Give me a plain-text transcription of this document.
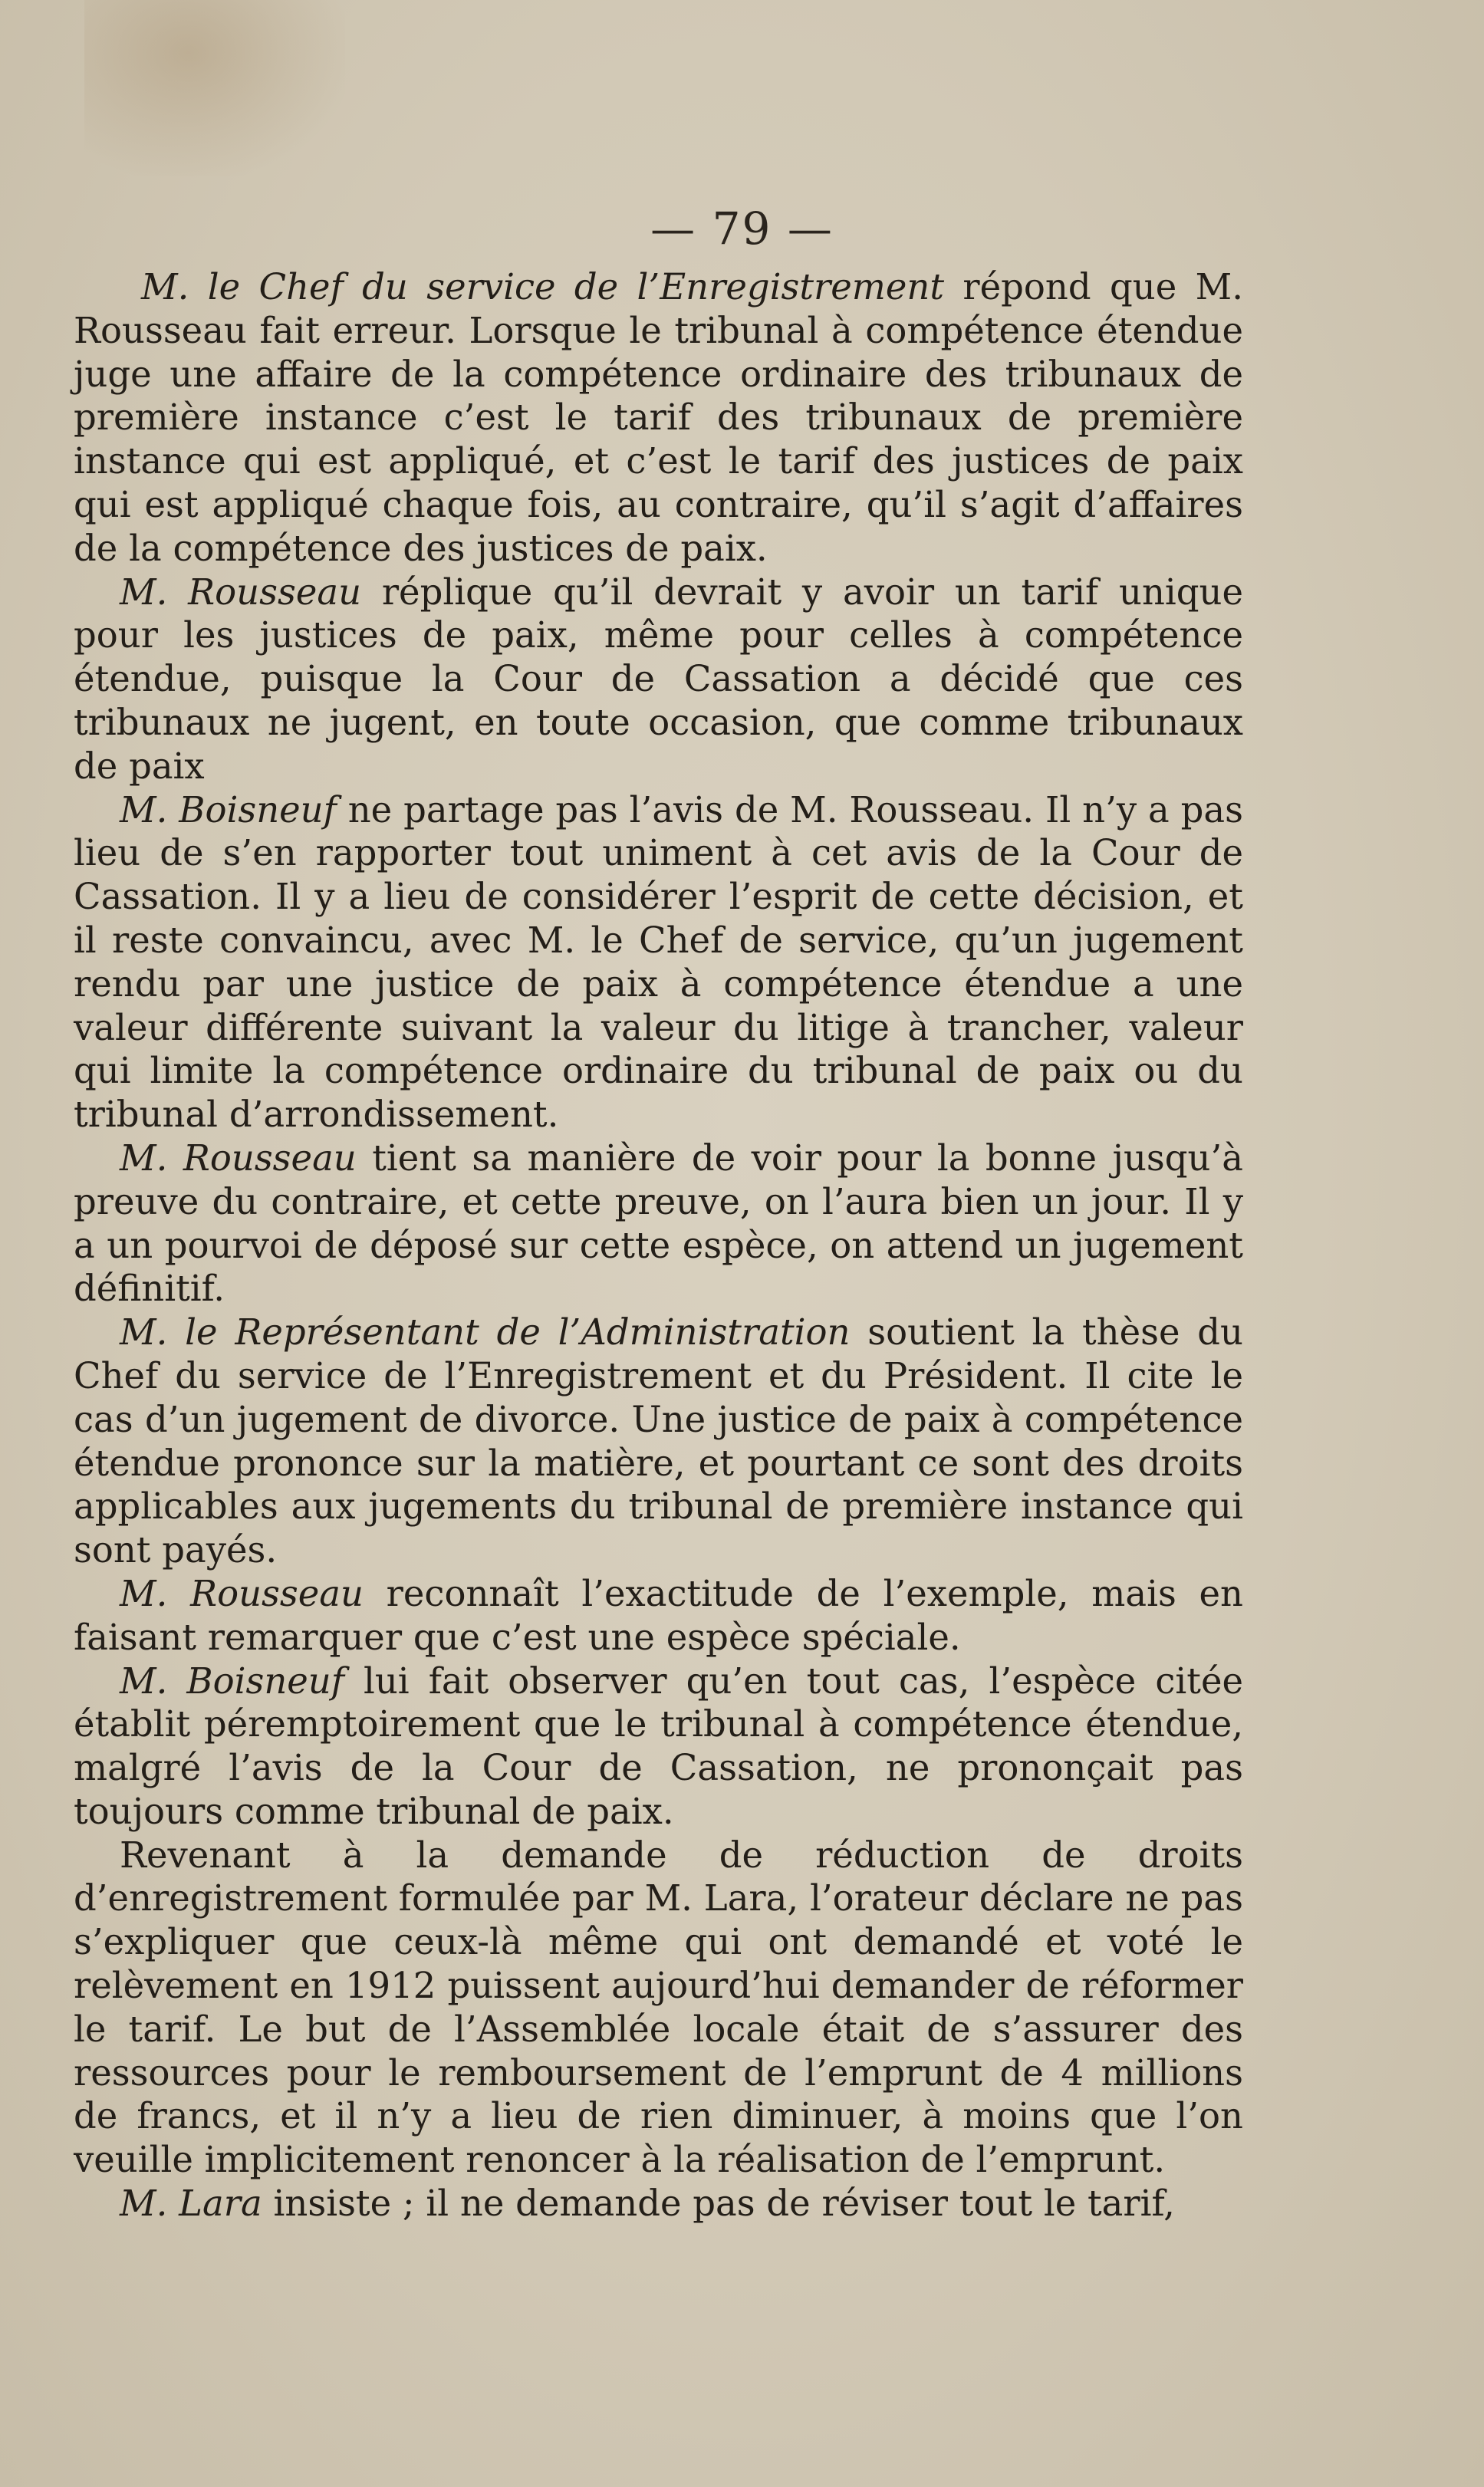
— 79 —

M. le Chef du service de l’Enregistrement répond que M. Rousseau fait erreur. Lorsque le tribunal à compétence étendue juge une affaire de la compétence ordinaire des tribunaux de première instance c’est le tarif des tribunaux de première instance qui est appliqué, et c’est le tarif des justices de paix qui est appliqué chaque fois, au contraire, qu’il s’agit d’affaires de la compétence des justices de paix.

M. Rousseau réplique qu’il devrait y avoir un tarif unique pour les justices de paix, même pour celles à compétence étendue, puisque la Cour de Cassation a décidé que ces tribunaux ne jugent, en toute occasion, que comme tribunaux de paix

M. Boisneuf ne partage pas l’avis de M. Rousseau. Il n’y a pas lieu de s’en rapporter tout uniment à cet avis de la Cour de Cassation. Il y a lieu de considérer l’esprit de cette décision, et il reste convaincu, avec M. le Chef de service, qu’un jugement rendu par une justice de paix à compétence étendue a une valeur différente suivant la valeur du litige à trancher, valeur qui limite la compétence ordinaire du tribunal de paix ou du tribunal d’arrondissement.

M. Rousseau tient sa manière de voir pour la bonne jusqu’à preuve du contraire, et cette preuve, on l’aura bien un jour. Il y a un pourvoi de déposé sur cette espèce, on attend un jugement définitif.

M. le Représentant de l’Administration soutient la thèse du Chef du service de l’Enregistrement et du Président. Il cite le cas d’un jugement de divorce. Une justice de paix à compétence étendue prononce sur la matière, et pourtant ce sont des droits applicables aux jugements du tribunal de première instance qui sont payés.

M. Rousseau reconnaît l’exactitude de l’exemple, mais en faisant remarquer que c’est une espèce spéciale.

M. Boisneuf lui fait observer qu’en tout cas, l’espèce citée établit péremptoirement que le tribunal à compétence étendue, malgré l’avis de la Cour de Cassation, ne prononçait pas toujours comme tribunal de paix.

Revenant à la demande de réduction de droits d’enregistrement formulée par M. Lara, l’orateur déclare ne pas s’expliquer que ceux-là même qui ont demandé et voté le relèvement en 1912 puissent aujourd’hui demander de réformer le tarif. Le but de l’Assemblée locale était de s’assurer des ressources pour le remboursement de l’emprunt de 4 millions de francs, et il n’y a lieu de rien diminuer, à moins que l’on veuille implicitement renoncer à la réalisation de l’emprunt.

M. Lara insiste ; il ne demande pas de réviser tout le tarif,
